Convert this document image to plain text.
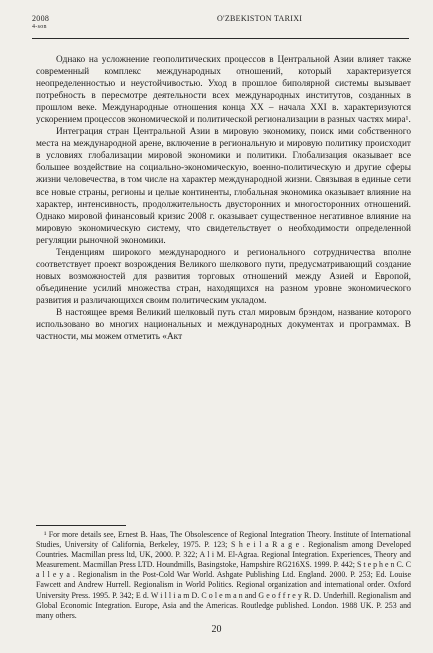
2008
4-son
O'ZBEKISTON TARIXI

Однако на усложнение геополитических процессов в Центральной Азии влияет также современный комплекс международных отношений, который характеризуется неопределенностью и неустойчивостью. Уход в прошлое биполярной системы вызывает потребность в пересмотре деятельности всех международных институтов, созданных в прошлом веке. Международные отношения конца XX – начала XXI в. характеризуются ускорением процессов экономической и политической регионализации в разных частях мира¹.

Интеграция стран Центральной Азии в мировую экономику, поиск ими собственного места на международной арене, включение в региональную и мировую политику происходит в условиях глобализации мировой экономики и политики. Глобализация оказывает все большее воздействие на социально-экономическую, военно-политическую и другие сферы жизни человечества, в том числе на характер международной жизни. Связывая в единые сети все новые страны, регионы и целые континенты, глобальная экономика оказывает влияние на характер, интенсивность, продолжительность двусторонних и многосторонних отношений. Однако мировой финансовый кризис 2008 г. оказывает существенное негативное влияние на мировую экономическую систему, что свидетельствует о необходимости определенной регуляции рыночной экономики.

Тенденциям широкого международного и регионального сотрудничества вполне соответствует проект возрождения Великого шелкового пути, предусматривающий создание новых возможностей для развития торговых отношений между Азией и Европой, объединение усилий множества стран, находящихся на разном уровне экономического развития и различающихся своим политическим укладом.

В настоящее время Великий шелковый путь стал мировым брэндом, название которого использовано во многих национальных и международных документах и программах. В частности, мы можем отметить «Акт

¹ For more details see, Ernest B. Haas, The Obsolescence of Regional Integration Theory. Institute of International Studies, University of California, Berkeley, 1975. P. 123; S h e i l a R a g e . Regionalism among Developed Countries. Macmillan press ltd, UK, 2000. P. 322; A l i M. El-Agraa. Regional Integration. Experiences, Theory and Measurement. Macmillan Press LTD. Houndmills, Basingstoke, Hampshire RG216XS. 1999. P. 442; S t e p h e n C. C a l l e y a . Regionalism in the Post-Cold War World. Ashgate Publishing Ltd. England. 2000. P. 253; Ed. Louise Fawcett and Andrew Hurrell. Regionalism in World Politics. Regional organization and international order. Oxford University Press. 1995. P. 342; E d. W i l l i a m D. C o l e m a n and G e o f f r e y R. D. Underhill. Regionalism and Global Economic Integration. Europe, Asia and the Americas. Routledge published. London. 1988 UK. P. 253 and many others.

20
